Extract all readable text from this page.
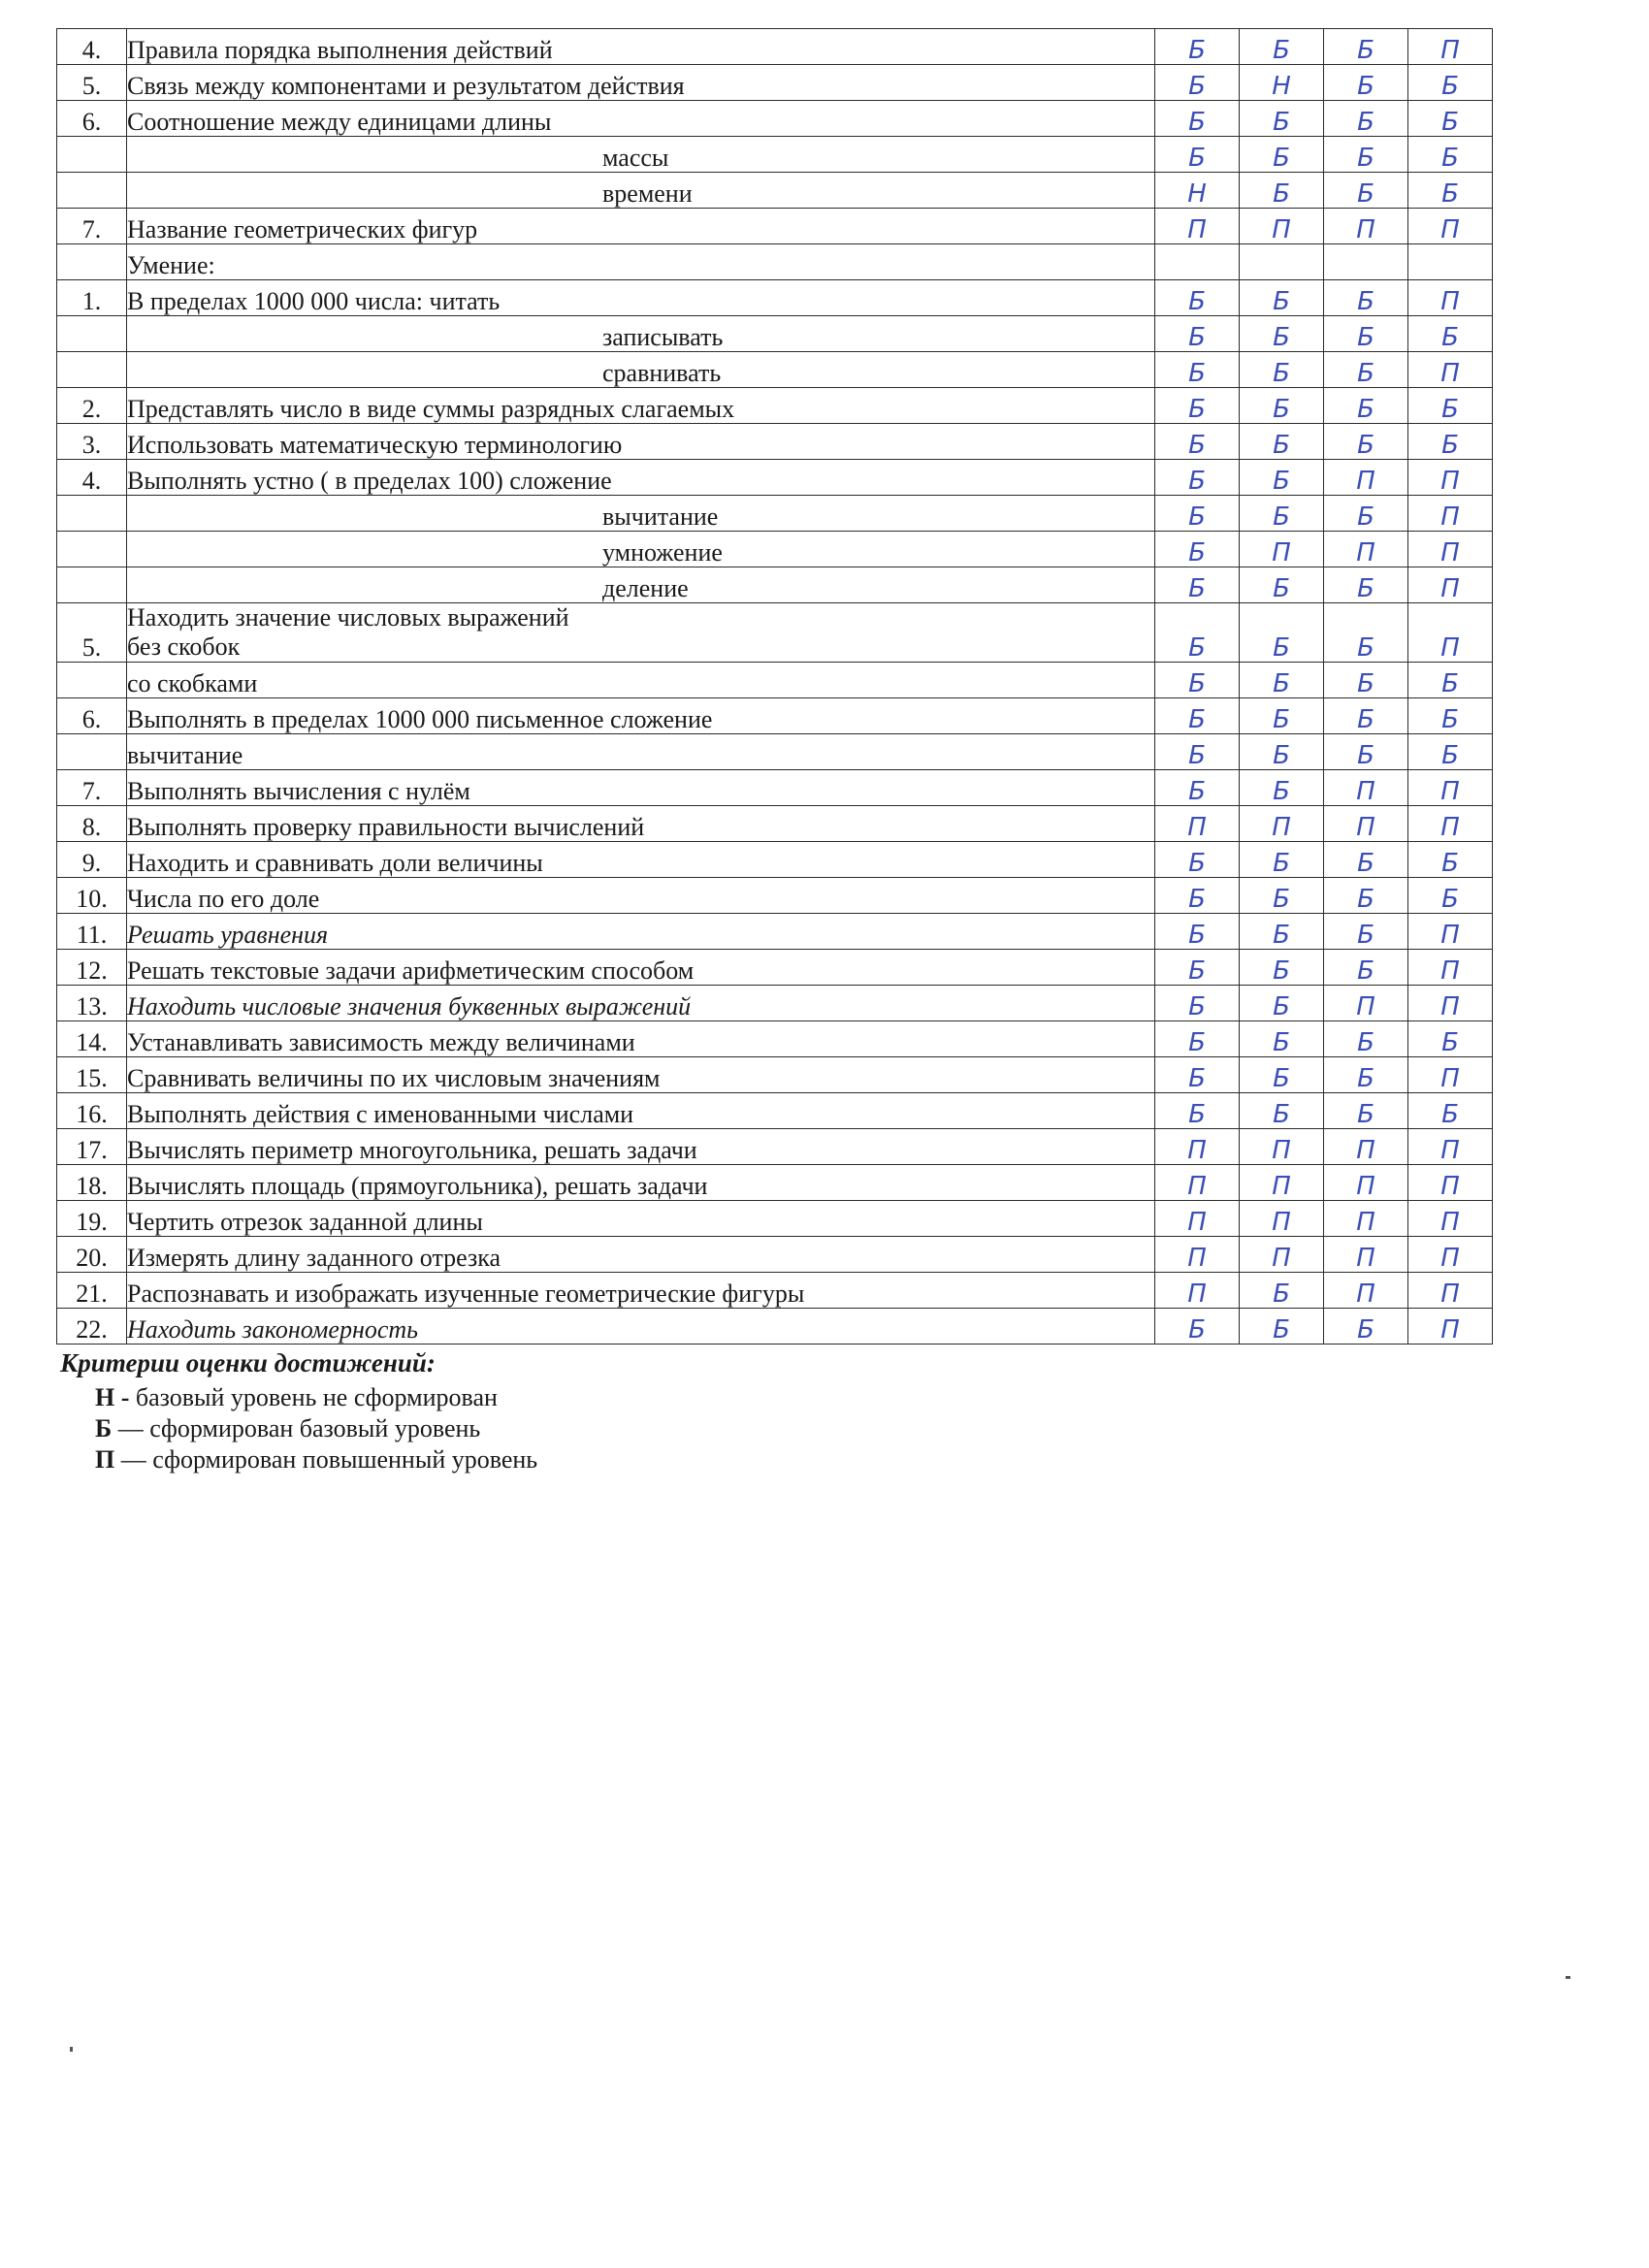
4.	Правила порядка выполнения действий	Б	Б	Б	П
5.	Связь между компонентами и результатом действия	Б	Н	Б	Б
6.	Соотношение между единицами длины	Б	Б	Б	Б
	массы	Б	Б	Б	Б
	времени	Н	Б	Б	Б
7.	Название геометрических фигур	П	П	П	П
	Умение:				
1.	В пределах 1000 000 числа: читать	Б	Б	Б	П
	записывать	Б	Б	Б	Б
	сравнивать	Б	Б	Б	П
2.	Представлять число в виде суммы разрядных слагаемых	Б	Б	Б	Б
3.	Использовать математическую терминологию	Б	Б	Б	Б
4.	Выполнять устно ( в пределах 100) сложение	Б	Б	П	П
	вычитание	Б	Б	Б	П
	умножение	Б	П	П	П
	деление	Б	Б	Б	П
5.	Находить значение числовых выражений
без скобок	Б	Б	Б	П
	со скобками	Б	Б	Б	Б
6.	Выполнять в пределах 1000 000 письменное сложение	Б	Б	Б	Б
	вычитание	Б	Б	Б	Б
7.	Выполнять вычисления с нулём	Б	Б	П	П
8.	Выполнять проверку правильности вычислений	П	П	П	П
9.	Находить и сравнивать доли величины	Б	Б	Б	Б
10.	Числа по его доле	Б	Б	Б	Б
11.	Решать уравнения	Б	Б	Б	П
12.	Решать текстовые задачи арифметическим способом	Б	Б	Б	П
13.	Находить числовые значения буквенных выражений	Б	Б	П	П
14.	Устанавливать зависимость между величинами	Б	Б	Б	Б
15.	Сравнивать величины по их числовым значениям	Б	Б	Б	П
16.	Выполнять действия с именованными числами	Б	Б	Б	Б
17.	Вычислять периметр многоугольника, решать задачи	П	П	П	П
18.	Вычислять площадь (прямоугольника), решать задачи	П	П	П	П
19.	Чертить отрезок заданной длины	П	П	П	П
20.	Измерять длину заданного отрезка	П	П	П	П
21.	Распознавать и изображать изученные геометрические фигуры	П	Б	П	П
22.	Находить закономерность	Б	Б	Б	П
Критерии оценки достижений:
Н - базовый уровень не сформирован
Б — сформирован базовый уровень
П — сформирован повышенный уровень
